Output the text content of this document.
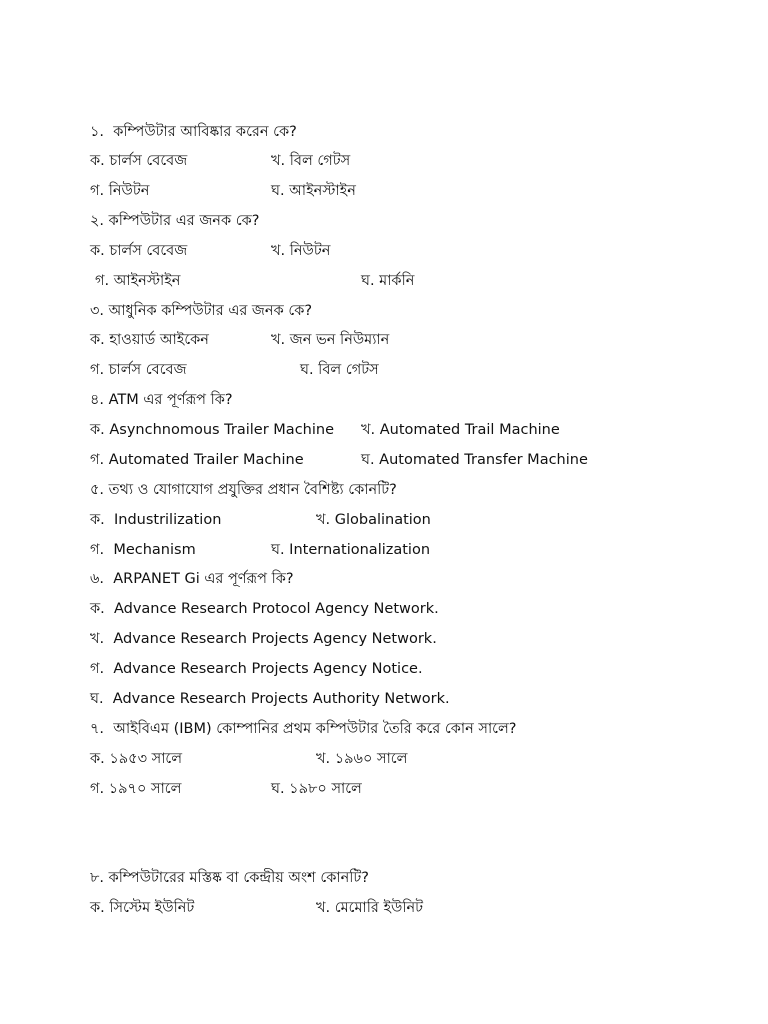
১.  কম্পিউটার আবিষ্কার করেন কে?

ক. চার্লস বেবেজ

	খ. বিল গেটস

গ. নিউটন

	ঘ. আইনস্টাইন

২. কম্পিউটার এর জনক কে?

ক. চার্লস বেবেজ

	খ. নিউটন

গ. আইনস্টাইন

	ঘ. মার্কনি

৩. আধুনিক কম্পিউটার এর জনক কে?

ক. হাওয়ার্ড আইকেন

	খ. জন ভন নিউম্যান

গ. চার্লস বেবেজ

	ঘ. বিল গেটস

৪. ATM এর পূর্ণরূপ কি?

ক. Asynchnomous Trailer Machine

খ. Automated Trail Machine

গ. Automated Trailer Machine

	ঘ. Automated Transfer Machine

৫. তথ্য ও যোগাযোগ প্রযুক্তির প্রধান বৈশিষ্ট্য কোনটি?

ক.  Industrilization

	খ. Globalination

গ.  Mechanism

	ঘ. Internationalization

৬.  ARPANET Gi এর পূর্ণরূপ কি?
ক.  Advance Research Protocol Agency Network.
খ.  Advance Research Projects Agency Network.
গ.  Advance Research Projects Agency Notice.
ঘ.  Advance Research Projects Authority Network.
৭.  আইবিএম (IBM) কোম্পানির প্রথম কম্পিউটার তৈরি করে কোন সালে?

ক. ১৯৫৩ সালে

	খ. ১৯৬০ সালে

গ. ১৯৭০ সালে

	ঘ. ১৯৮০ সালে

৮. কম্পিউটারের মস্তিষ্ক বা কেন্দ্রীয় অংশ কোনটি?

ক. সিস্টেম ইউনিট

	খ. মেমোরি ইউনিট
